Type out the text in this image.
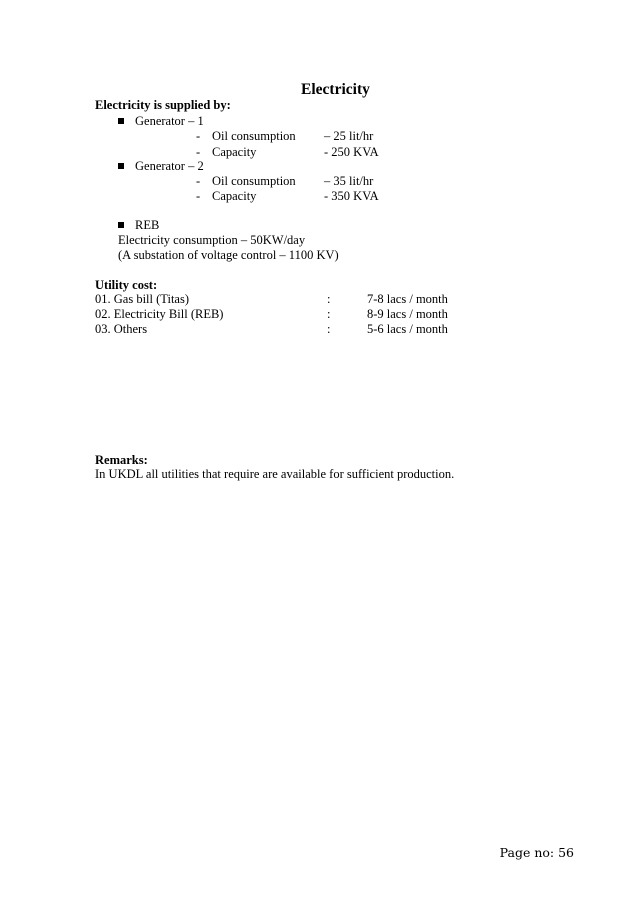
Electricity
Electricity is supplied by:
Generator – 1
- Oil consumption – 25 lit/hr
- Capacity	- 250 KVA
Generator – 2
- Oil consumption – 35 lit/hr
- Capacity	- 350 KVA
REB
Electricity consumption – 50KW/day
(A substation of voltage control – 1100 KV)
Utility cost:
01. Gas bill (Titas)	:	7-8 lacs / month
02. Electricity Bill (REB)	:	8-9 lacs / month
03. Others	:	5-6 lacs / month
Remarks:
In UKDL all utilities that require are available for sufficient production.
Page no: 56
